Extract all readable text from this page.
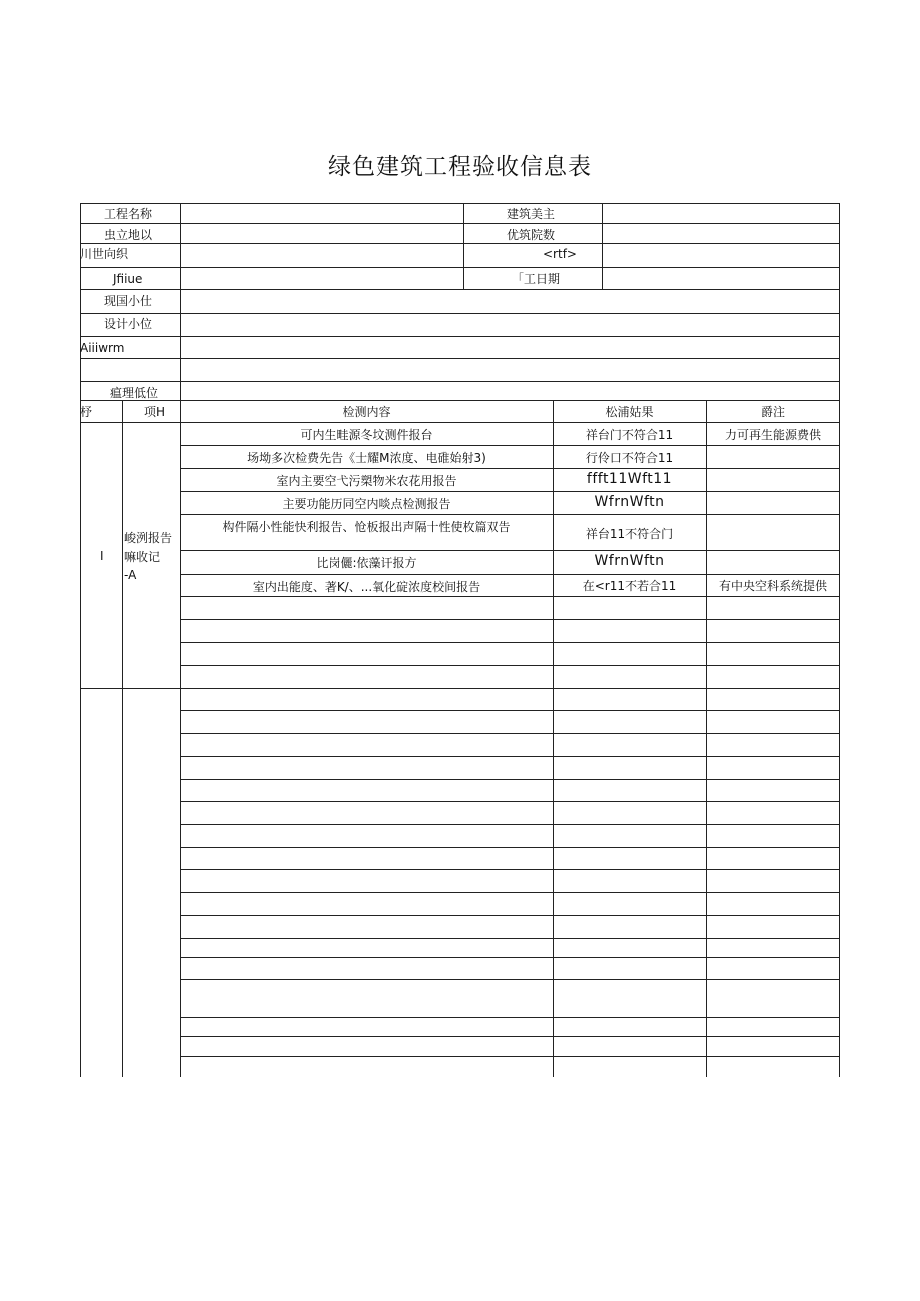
绿色建筑工程验收信息表
工程名称	建筑美主
虫立地以	优筑院数
川世向织	<rtf>
Jfiiue	「工日期
现国小仕
设计小位
Aiiiwrm
瘟理低位
杼	项H	检测内容	松浦姑果	爵注
I
峻洌报告
嘛收记
-A
可内生畦源冬坟测件报台	祥台门不符合11	力可再生能源费供
场坳多次检费先告《士耀M浓度、电碓始射3)	行伶口不符合11
室内主要空弋污槊物米农花用报告	ffft11Wft11
主要功能历同空内啖点检测报告	WfrnWftn
构件隔小性能快利报告、怆板报出声隔十性使枚篇双告	祥台11不符合门
比岗儷:依藻讦报方	WfrnWftn
室内出能度、著K/、...氧化碇浓度校间报告	在<r11不若合11	有中央空科系统提供
